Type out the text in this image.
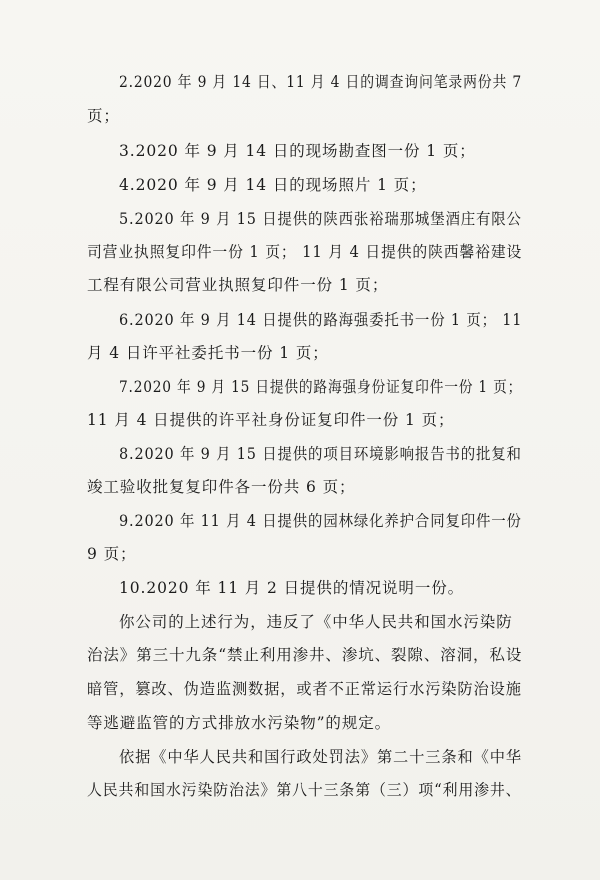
2.2020 年 9 月 14 日、11 月 4 日的调查询问笔录两份共 7

页；

3.2020 年 9 月 14 日的现场勘查图一份 1 页；

4.2020 年 9 月 14 日的现场照片 1 页；

5.2020 年 9 月 15 日提供的陕西张裕瑞那城堡酒庄有限公

司营业执照复印件一份 1 页； 11 月 4 日提供的陕西馨裕建设

工程有限公司营业执照复印件一份 1 页；

6.2020 年 9 月 14 日提供的路海强委托书一份 1 页； 11

月 4 日许平社委托书一份 1 页；

7.2020 年 9 月 15 日提供的路海强身份证复印件一份 1 页；

11 月 4 日提供的许平社身份证复印件一份 1 页；

8.2020 年 9 月 15 日提供的项目环境影响报告书的批复和

竣工验收批复复印件各一份共 6 页；

9.2020 年 11 月 4 日提供的园林绿化养护合同复印件一份

9 页；

10.2020 年 11 月 2 日提供的情况说明一份。

你公司的上述行为，违反了《中华人民共和国水污染防

治法》第三十九条“禁止利用渗井、渗坑、裂隙、溶洞，私设

暗管，篡改、伪造监测数据，或者不正常运行水污染防治设施

等逃避监管的方式排放水污染物”的规定。

依据《中华人民共和国行政处罚法》第二十三条和《中华

人民共和国水污染防治法》第八十三条第（三）项“利用渗井、
